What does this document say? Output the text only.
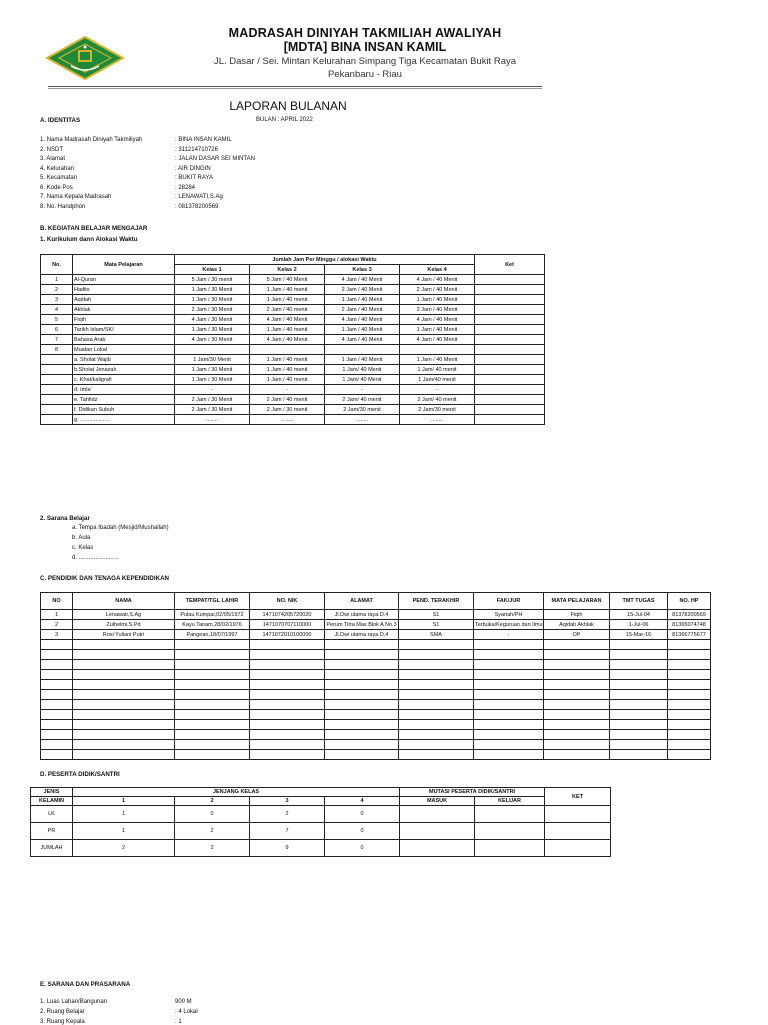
MADRASAH DINIYAH TAKMILIAH AWALIYAH
[MDTA] BINA INSAN KAMIL
JL. Dasar / Sei. Mintan Kelurahan Simpang Tiga Kecamatan Bukit Raya
Pekanbaru - Riau
LAPORAN BULANAN
A. IDENTITAS	BULAN : APRIL 2022
1. Nama Madrasah Diniyah Takmiliyah	: BINA INSAN KAMIL
2. NSDT	: 311214710726
3. Alamat	: JALAN DASAR SEI MINTAN
4. Kelurahan	: AIR DINGIN
5. Kecamatan	: BUKIT RAYA
6. Kode Pos	: 28284
7. Nama Kepala Madrasah	: LENAWATI,S.Ag
8. No. Handphon	: 081378200569
B. KEGIATAN BELAJAR MENGAJAR
1. Kurikulum dann Alokasi Waktu
No.	Mata Pelajaran	Jumlah Jam Per Minggu / alokasi Waktu				Ket
		Kelas 1	Kelas 2	Kelas 3	Kelas 4	
1	Al-Quran	5 Jam / 30 menit	5 Jam / 40 Menit	4 Jam / 40 Menit	4 Jam / 40 Menit	
2	Hadits	1 Jam / 30 Menit	1 Jam / 40 menit	2 Jam / 40 Menit	2 Jam / 40 Menit	
3	Aqidah	1 Jam / 30 Menit	1 Jam / 40 menit	1 Jam / 40 Menit	1 Jam / 40 Menit	
4	Akhlak	2 Jam / 30 Menit	2 Jam / 40 menit	2 Jam / 40 Menit	2 Jam / 40 Menit	
5	Fiqih	4 Jam / 30 Menit	4 Jam / 40 Menit	4 Jam / 40 Menit	4 Jam / 40 Menit	
6	Tarikh Islam/SKI	1 Jam / 30 Menit	1 Jam / 40 menit	1 Jam / 40 Menit	1 Jam / 40 Menit	
7	Bahasa Arab	4 Jam / 30 Menit	4 Jam / 40 Menit	4 Jam / 40 Menit	4 Jam / 40 Menit	
8	Muatan Lokal					
	a. Sholat Wajib	1 Jam/30 Menit	1 Jam / 40 menit	1 Jam / 40 Menit	1 Jam / 40 Menit	
	b.Sholat Jenazah	1 Jam / 30 Menit	1 Jam / 40 menit	1 Jam/ 40 Menit	1 Jam/ 40 menit	
	c. Khat/kaligrafi	1 Jam / 30 Menit	1 Jam / 40 menit	1 Jam/ 40 Menit	1 Jam/40 menit	
	d. Imla'	-	-	-	-	
	e. Tahfidz	2 Jam / 30 Menit	2 Jam / 40 menit	2 Jam/ 40 menit	2 Jam/ 40 menit	
	f. Didikan Subuh	2 Jam / 30 Menit	2 Jam / 30 menit	2 Jam/30 menit	2 Jam/30 menit	
	g. ...................	........	........	........	........	
2. Sarana Belajar
a. Tempa Ibadah (Mesjid/Mushallah)
b. Aula
c. Kelas
d. ........................
C. PENDIDIK DAN TENAGA KEPENDIDIKAN
NO	NAMA	TEMPAT/TGL LAHIR	NO. NIK	ALAMAT	PEND. TERAKHIR	FAK/JUR	MATA PELAJARAN	TMT TUGAS	NO. HP
1	Lenawati,S.Ag	Pulau Kumpai,02/05/1972	1471074205720020	Jl.Dwi utama raya D.4	S1	Syariah/PH	Fiqih	15-Jul-04	81378200569
2	Zulhelmi,S.Pd	Kayu Tanam,28/02/1976	1471070707110000	Perum Tirta Mas Blok A No.3	S1	Terbuka/Keguruan dan Ilmu	Aqidah Akhlak	1-Jul-06	81365074748
3	Rosi Yuliani Putri	Pangean,18/07/1997	1471072010100000	Jl.Dwi utama raya D.4	SMA	-	OP	15-Mar-16	81366775677

D. PESERTA DIDIK/SANTRI
JENIS	JENJANG KELAS				MUTASI PESERTA DIDIK/SANTRI		KET
KELAMIN	1	2	3	4	MASUK	KELUAR	
LK	1	0	2	0			
PR	1	2	7	0			
JUMLAH	2	2	9	0			
E. SARANA DAN PRASARANA
1. Luas Lahan/Bangunan	900 M
2. Ruang Belajar	: 4 Lokal
3. Ruang Kepala	: 1
